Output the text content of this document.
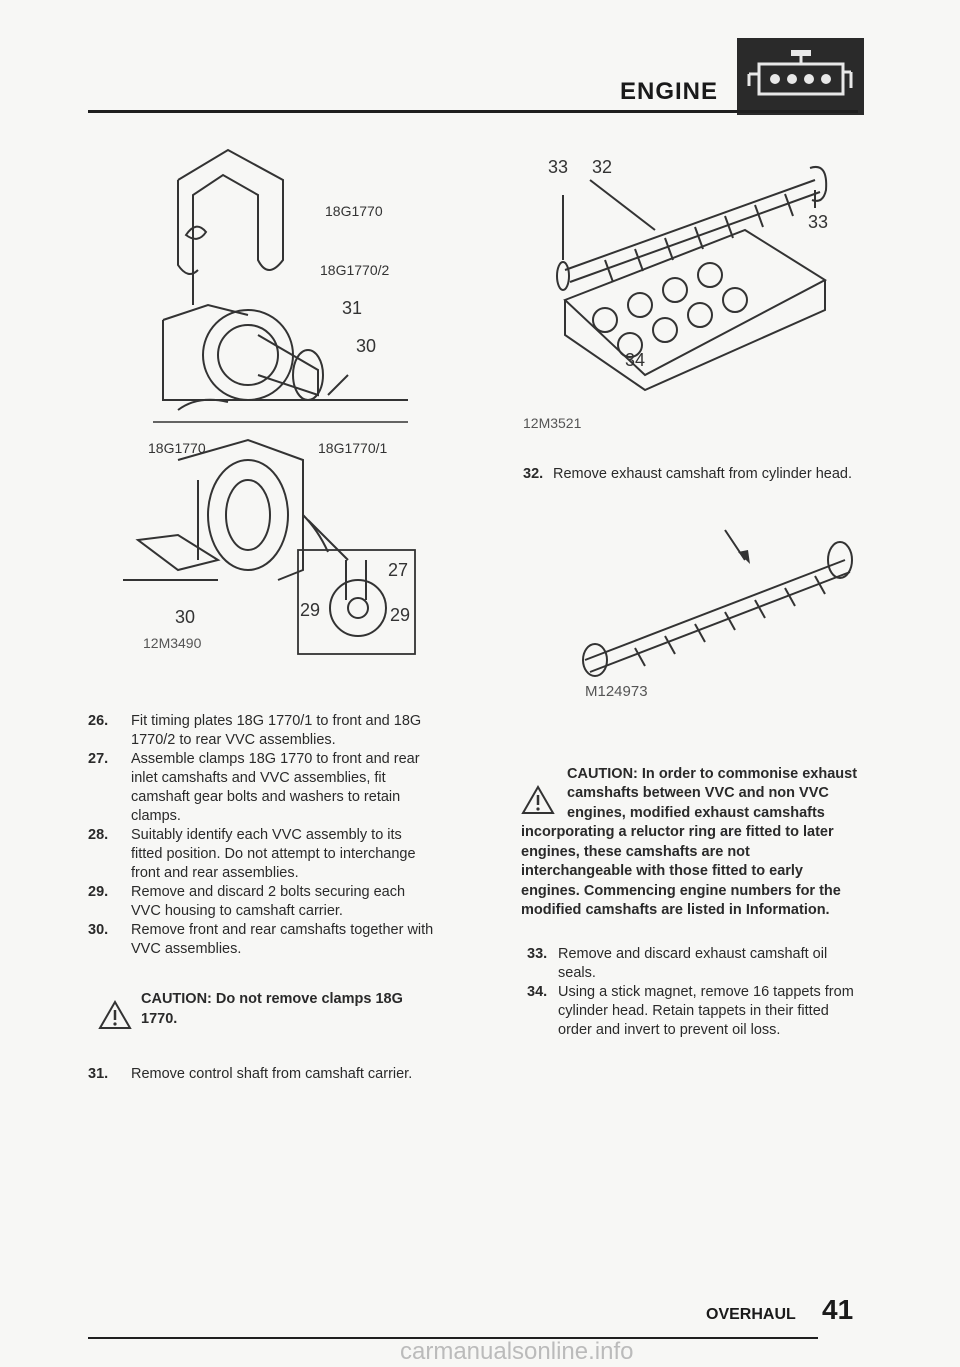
ENGINE
18G1770
18G1770/2
31
30
18G1770	18G1770/1
30
27
29	29
12M3490
33 32
33
34
12M3521
32. Remove exhaust camshaft from cylinder head.
M124973
26. Fit timing plates 18G 1770/1 to front and 18G
1770/2 to rear VVC assemblies.
27. Assemble clamps 18G 1770 to front and rear
inlet camshafts and VVC assemblies, fit
camshaft gear bolts and washers to retain
clamps.
28. Suitably identify each VVC assembly to its
fitted position. Do not attempt to interchange
front and rear assemblies.
29. Remove and discard 2 bolts securing each
VVC housing to camshaft carrier.
30. Remove front and rear camshafts together with
VVC assemblies.
CAUTION: Do not remove clamps 18G
1770.
31. Remove control shaft from camshaft carrier.
CAUTION: In order to commonise exhaust
camshafts between VVC and non VVC
engines, modified exhaust camshafts
incorporating a reluctor ring are fitted to later
engines, these camshafts are not
interchangeable with those fitted to early
engines. Commencing engine numbers for the
modified camshafts are listed in Information.
33. Remove and discard exhaust camshaft oil
seals.
34. Using a stick magnet, remove 16 tappets from
cylinder head. Retain tappets in their fitted
order and invert to prevent oil loss.
OVERHAUL 41
carmanualsonline.info
